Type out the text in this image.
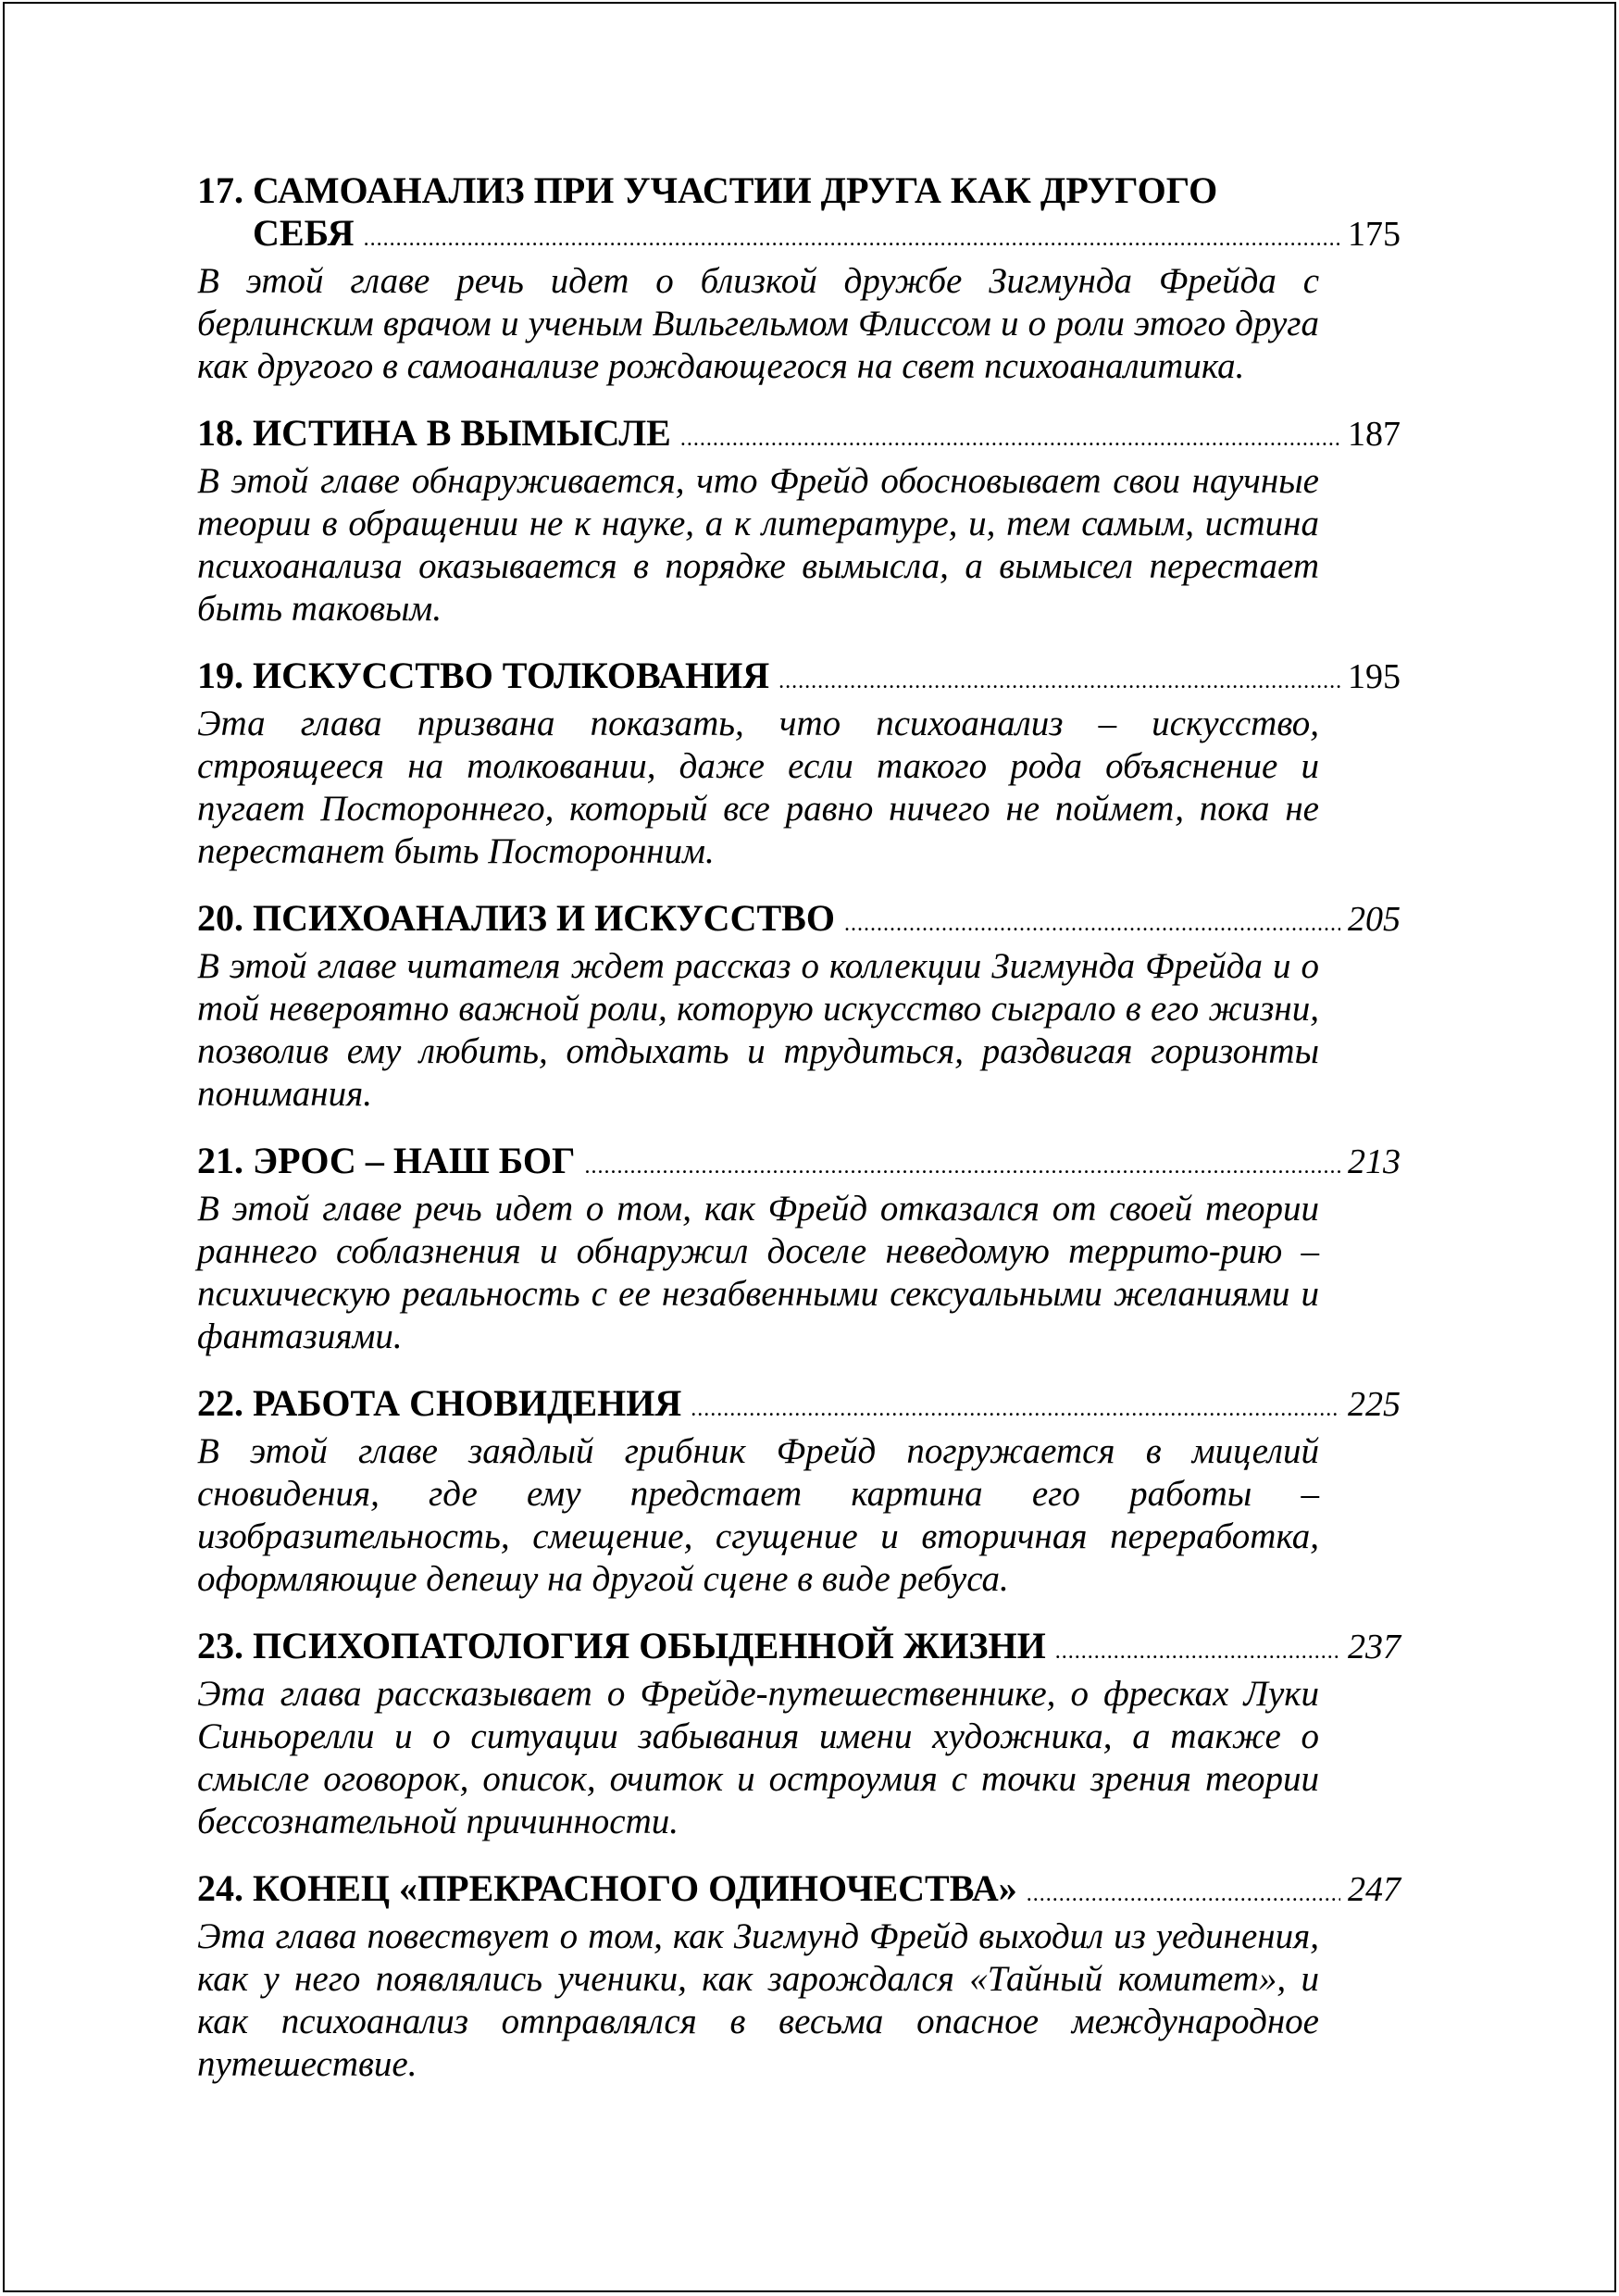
17. САМОАНАЛИЗ ПРИ УЧАСТИИ ДРУГА КАК ДРУГОГО
СЕБЯ .....	175
В этой главе речь идет о близкой дружбе Зигмунда Фрейда с берлинским врачом и ученым Вильгельмом Флиссом и о роли этого друга как другого в самоанализе рождающегося на свет психоаналитика.
18. ИСТИНА В ВЫМЫСЛЕ .....	187
В этой главе обнаруживается, что Фрейд обосновывает свои научные теории в обращении не к науке, а к литературе, и, тем самым, истина психоанализа оказывается в порядке вымысла, а вымысел перестает быть таковым.
19. ИСКУССТВО ТОЛКОВАНИЯ .....	195
Эта глава призвана показать, что психоанализ – искусство, строящееся на толковании, даже если такого рода объяснение и пугает Постороннего, который все равно ничего не поймет, пока не перестанет быть Посторонним.
20. ПСИХОАНАЛИЗ И ИСКУССТВО .....	205
В этой главе читателя ждет рассказ о коллекции Зигмунда Фрейда и о той невероятно важной роли, которую искусство сыграло в его жизни, позволив ему любить, отдыхать и трудиться, раздвигая горизонты понимания.
21. ЭРОС – НАШ БОГ .....	213
В этой главе речь идет о том, как Фрейд отказался от своей теории раннего соблазнения и обнаружил доселе неведомую террито-рию – психическую реальность с ее незабвенными сексуальными желаниями и фантазиями.
22. РАБОТА СНОВИДЕНИЯ .....	225
В этой главе заядлый грибник Фрейд погружается в мицелий сновидения, где ему предстает картина его работы – изобразительность, смещение, сгущение и вторичная переработка, оформляющие депешу на другой сцене в виде ребуса.
23. ПСИХОПАТОЛОГИЯ ОБЫДЕННОЙ ЖИЗНИ .....	237
Эта глава рассказывает о Фрейде-путешественнике, о фресках Луки Синьорелли и о ситуации забывания имени художника, а также о смысле оговорок, описок, очиток и остроумия с точки зрения теории бессознательной причинности.
24. КОНЕЦ «ПРЕКРАСНОГО ОДИНОЧЕСТВА» .....	247
Эта глава повествует о том, как Зигмунд Фрейд выходил из уединения, как у него появлялись ученики, как зарождался «Тайный комитет», и как психоанализ отправлялся в весьма опасное международное путешествие.
